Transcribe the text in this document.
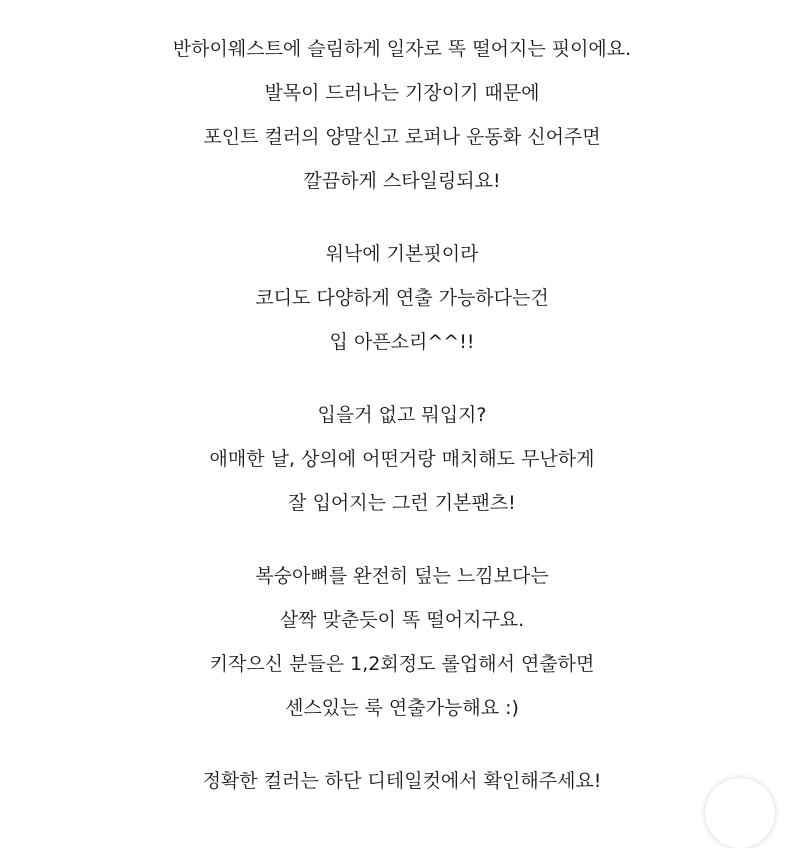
반하이웨스트에 슬림하게 일자로 똑 떨어지는 핏이에요.
발목이 드러나는 기장이기 때문에
포인트 컬러의 양말신고 로퍼나 운동화 신어주면
깔끔하게 스타일링되요!
워낙에 기본핏이라
코디도 다양하게 연출 가능하다는건
입 아픈소리^^!!
입을거 없고 뭐입지?
애매한 날, 상의에 어떤거랑 매치해도 무난하게
잘 입어지는 그런 기본팬츠!
복숭아뼈를 완전히 덮는 느낌보다는
살짝 맞춘듯이 똑 떨어지구요.
키작으신 분들은 1,2회정도 롤업해서 연출하면
센스있는 룩 연출가능해요 :)
정확한 컬러는 하단 디테일컷에서 확인해주세요!
